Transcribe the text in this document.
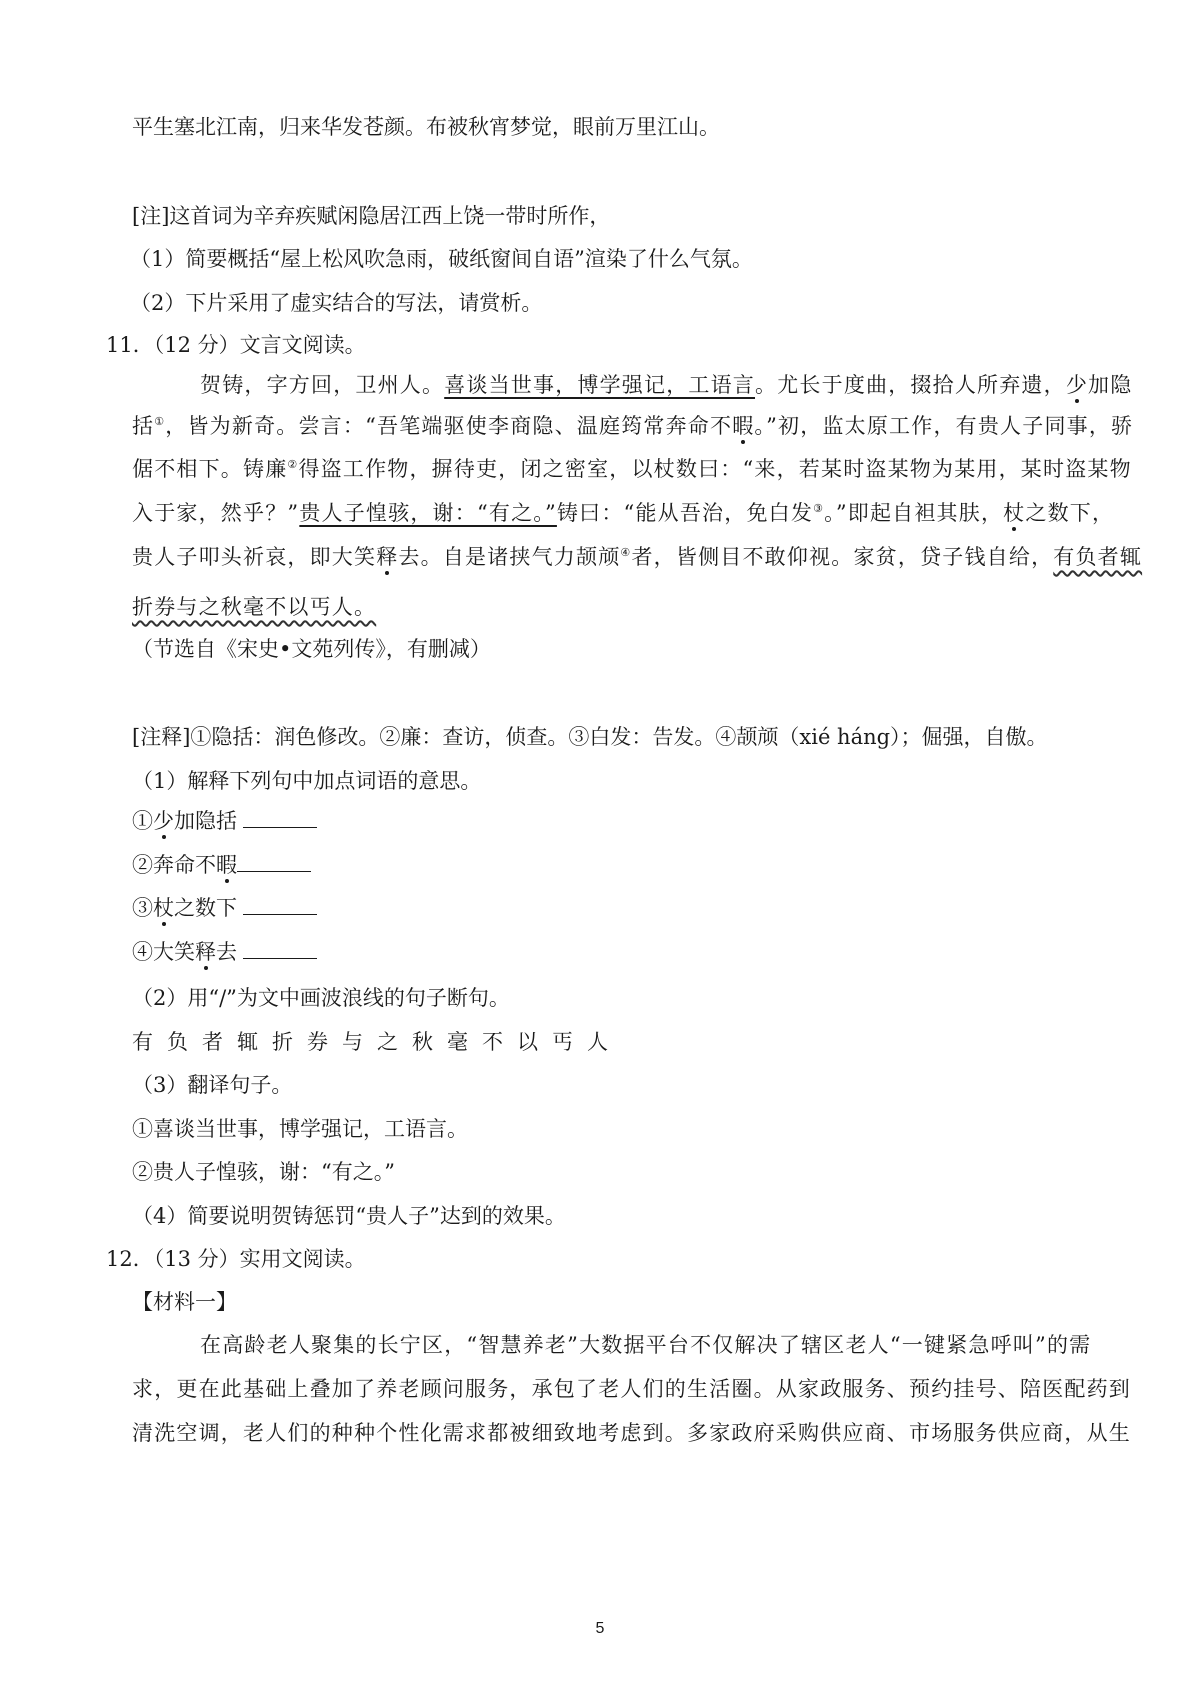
平生塞北江南，归来华发苍颜。布被秋宵梦觉，眼前万里江山。
[注]这首词为辛弃疾赋闲隐居江西上饶一带时所作，
（1）简要概括“屋上松风吹急雨，破纸窗间自语”渲染了什么气氛。
（2）下片采用了虚实结合的写法，请赏析。
11．（12 分）文言文阅读。
贺铸，字方回，卫州人。喜谈当世事，博学强记，工语言。尤长于度曲，掇拾人所弃遗，少加隐
括①，皆为新奇。尝言：“吾笔端驱使李商隐、温庭筠常奔命不暇。”初，监太原工作，有贵人子同事，骄
倨不相下。铸廉②得盗工作物，摒待吏，闭之密室，以杖数曰：“来，若某时盗某物为某用，某时盗某物
入于家，然乎？”贵人子惶骇，谢：“有之。”铸曰：“能从吾治，免白发③。”即起自袒其肤，杖之数下，
贵人子叩头祈哀，即大笑释去。自是诸挟气力颉颃④者，皆侧目不敢仰视。家贫，贷子钱自给，有负者辄
折券与之秋毫不以丐人。
（节选自《宋史•文苑列传》，有删减）
[注释]①隐括：润色修改。②廉：查访，侦查。③白发：告发。④颉颃（xié háng）；倔强，自傲。
（1）解释下列句中加点词语的意思。
①少加隐括
②奔命不暇
③杖之数下
④大笑释去
（2）用“/”为文中画波浪线的句子断句。
有负者辄折券与之秋毫不以丐人
（3）翻译句子。
①喜谈当世事，博学强记，工语言。
②贵人子惶骇，谢：“有之。”
（4）简要说明贺铸惩罚“贵人子”达到的效果。
12．（13 分）实用文阅读。
【材料一】
在高龄老人聚集的长宁区，“智慧养老”大数据平台不仅解决了辖区老人“一键紧急呼叫”的需
求，更在此基础上叠加了养老顾问服务，承包了老人们的生活圈。从家政服务、预约挂号、陪医配药到
清洗空调，老人们的种种个性化需求都被细致地考虑到。多家政府采购供应商、市场服务供应商，从生
5
